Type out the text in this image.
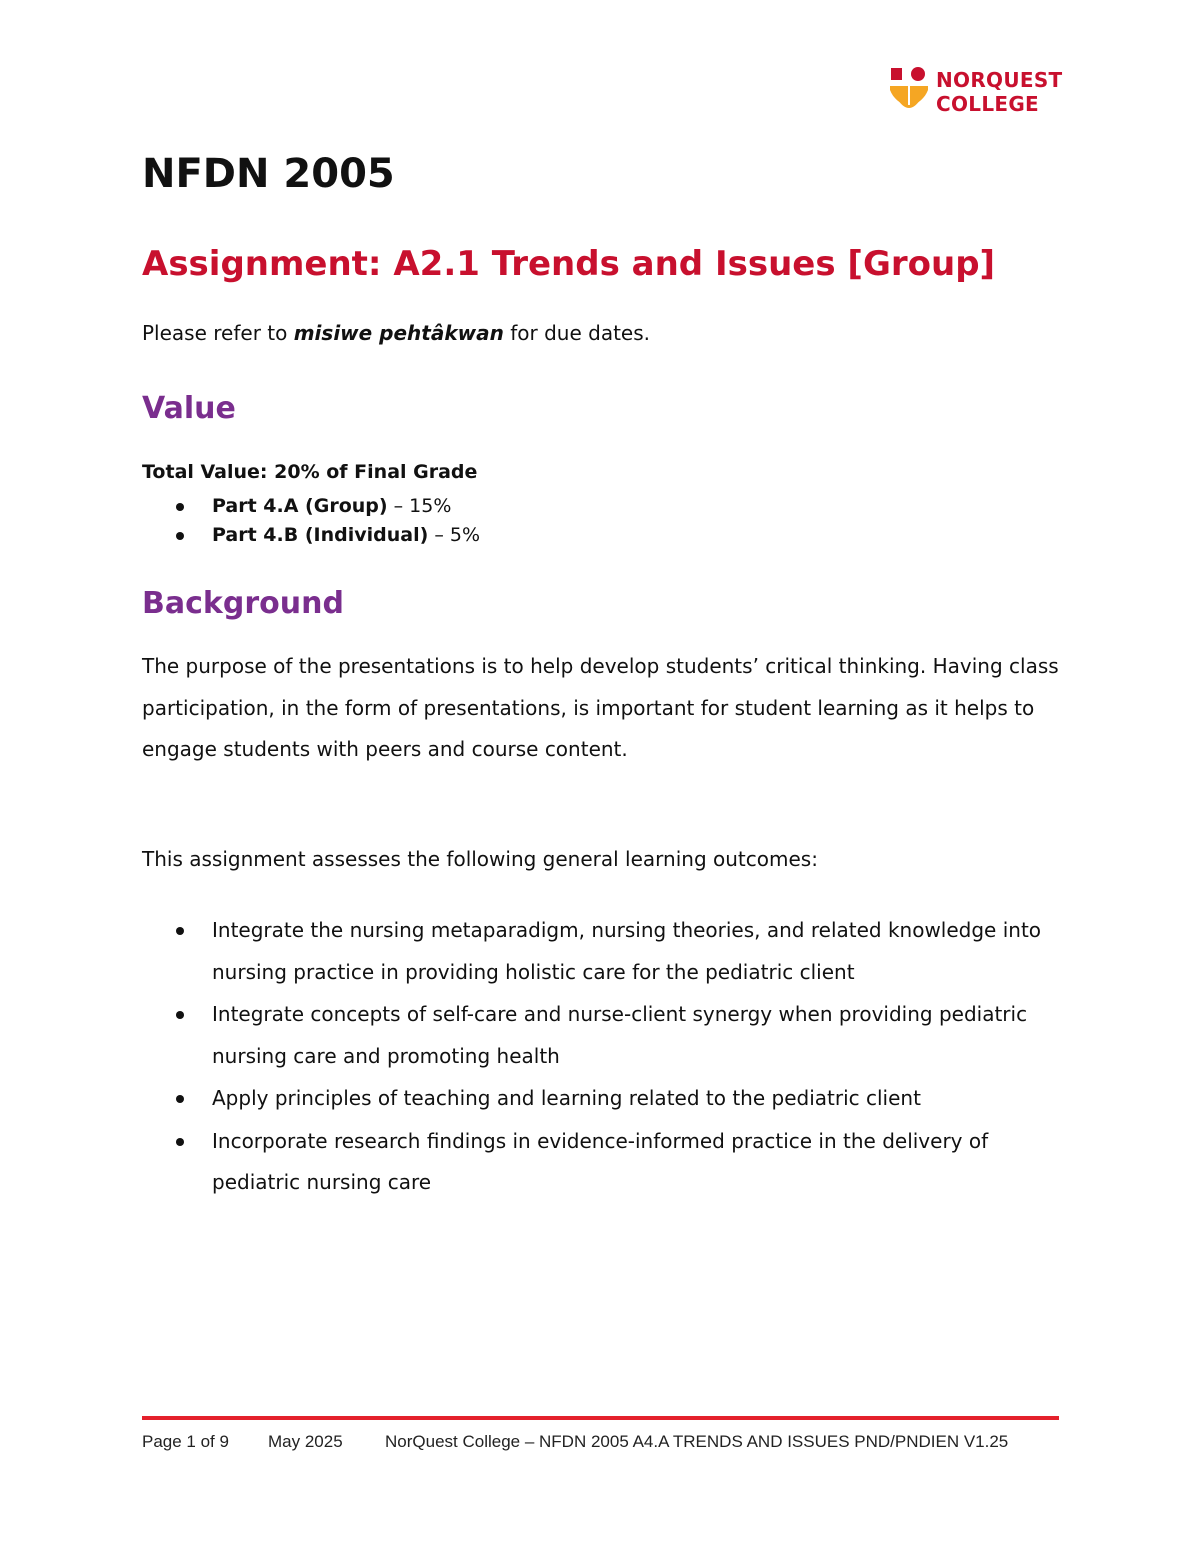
NORQUEST
COLLEGE
NFDN 2005
Assignment: A2.1 Trends and Issues [Group]
Please refer to misiwe pehtâkwan for due dates.
Value
Total Value: 20% of Final Grade
Part 4.A (Group) – 15%
Part 4.B (Individual) – 5%
Background

The purpose of the presentations is to help develop students’ critical thinking. Having class participation, in the form of presentations, is important for student learning as it helps to engage students with peers and course content.

This assignment assesses the following general learning outcomes:

Integrate the nursing metaparadigm, nursing theories, and related knowledge into nursing practice in providing holistic care for the pediatric client
Integrate concepts of self-care and nurse-client synergy when providing pediatric nursing care and promoting health
Apply principles of teaching and learning related to the pediatric client
Incorporate research findings in evidence-informed practice in the delivery of pediatric nursing care
Page 1 of 9	May 2025	NorQuest College – NFDN 2005 A4.A TRENDS AND ISSUES PND/PNDIEN V1.25
